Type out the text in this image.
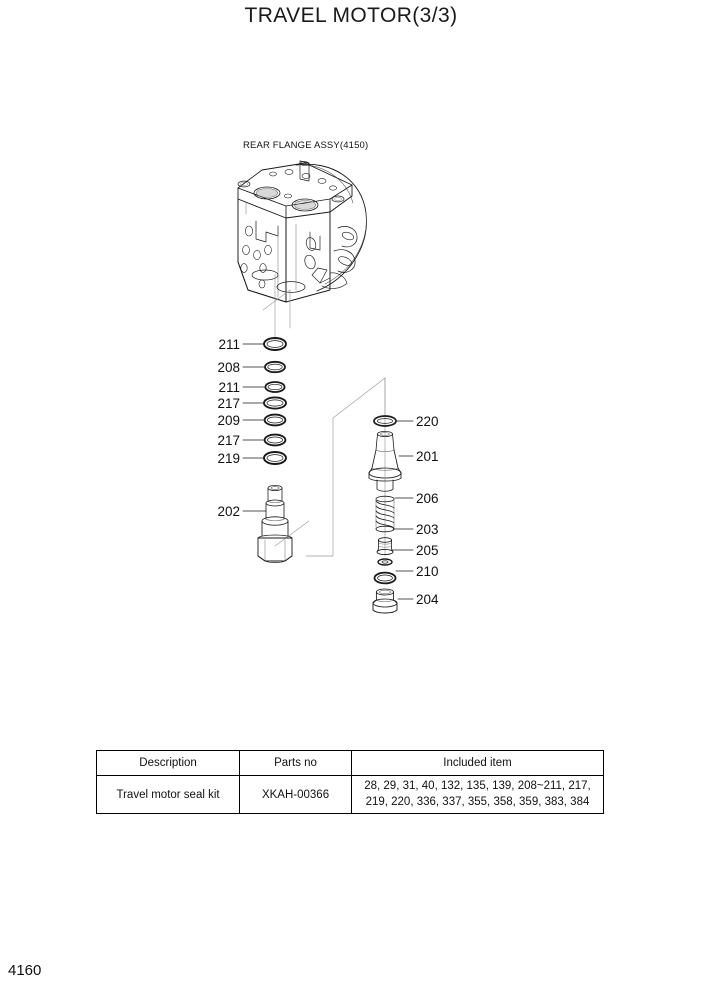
TRAVEL MOTOR(3/3)
REAR FLANGE ASSY(4150)
211
208
211
217
209
217
219
202
220
201
206
203
205
210
204
Description	Parts no	Included item
Travel motor seal kit	XKAH-00366	28, 29, 31, 40, 132, 135, 139, 208~211, 217,
219, 220, 336, 337, 355, 358, 359, 383, 384
4160
